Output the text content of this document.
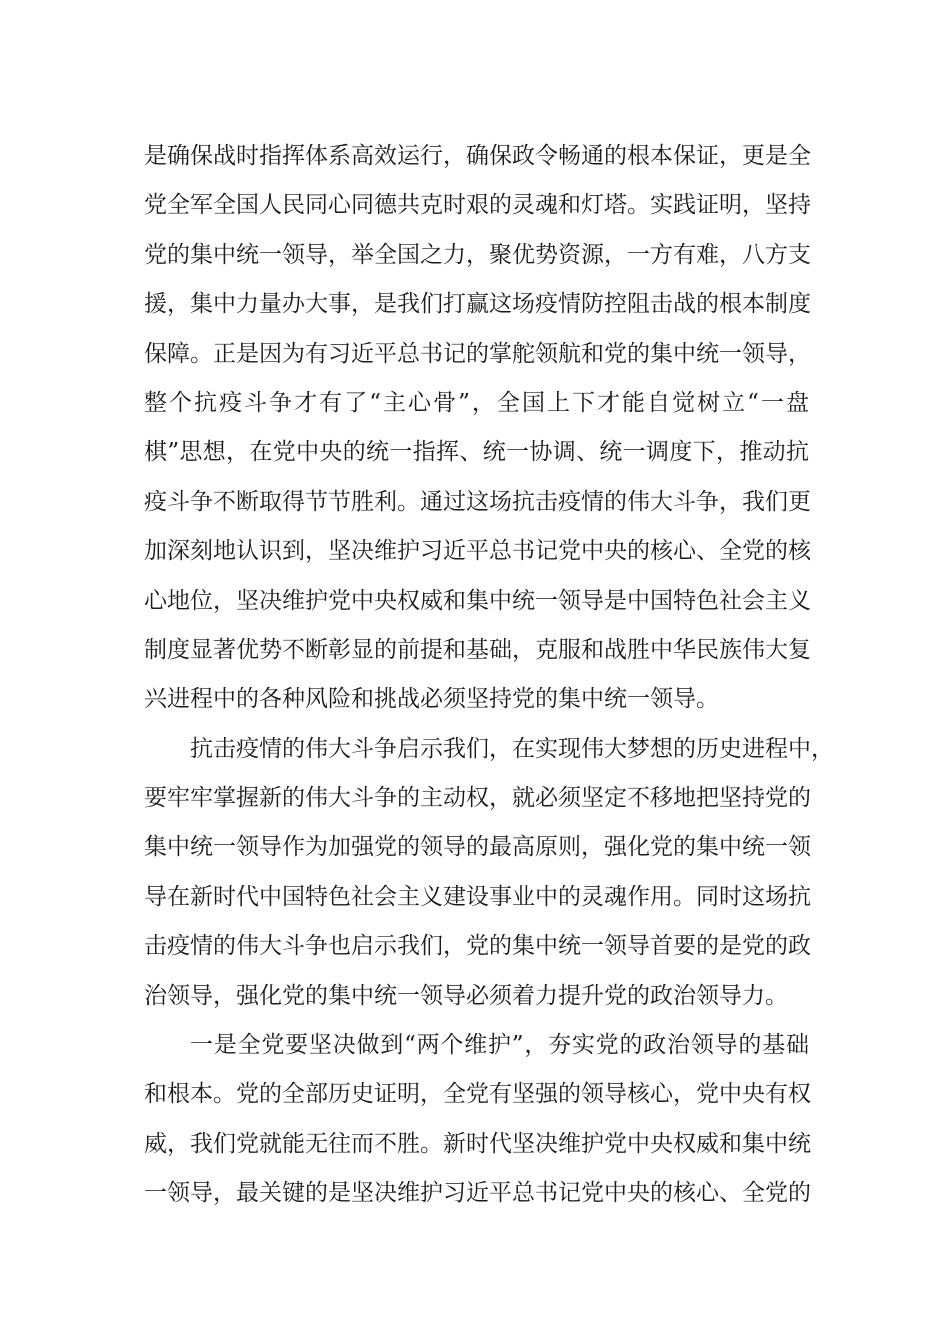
是确保战时指挥体系高效运行，确保政令畅通的根本保证，更是全
党全军全国人民同心同德共克时艰的灵魂和灯塔。实践证明，坚持
党的集中统一领导，举全国之力，聚优势资源，一方有难，八方支
援，集中力量办大事，是我们打赢这场疫情防控阻击战的根本制度
保障。正是因为有习近平总书记的掌舵领航和党的集中统一领导，
整个抗疫斗争才有了“主心骨”，全国上下才能自觉树立“一盘
棋”思想，在党中央的统一指挥、统一协调、统一调度下，推动抗
疫斗争不断取得节节胜利。通过这场抗击疫情的伟大斗争，我们更
加深刻地认识到，坚决维护习近平总书记党中央的核心、全党的核
心地位，坚决维护党中央权威和集中统一领导是中国特色社会主义
制度显著优势不断彰显的前提和基础，克服和战胜中华民族伟大复
兴进程中的各种风险和挑战必须坚持党的集中统一领导。
抗击疫情的伟大斗争启示我们，在实现伟大梦想的历史进程中，
要牢牢掌握新的伟大斗争的主动权，就必须坚定不移地把坚持党的
集中统一领导作为加强党的领导的最高原则，强化党的集中统一领
导在新时代中国特色社会主义建设事业中的灵魂作用。同时这场抗
击疫情的伟大斗争也启示我们，党的集中统一领导首要的是党的政
治领导，强化党的集中统一领导必须着力提升党的政治领导力。
一是全党要坚决做到“两个维护”，夯实党的政治领导的基础
和根本。党的全部历史证明，全党有坚强的领导核心，党中央有权
威，我们党就能无往而不胜。新时代坚决维护党中央权威和集中统
一领导，最关键的是坚决维护习近平总书记党中央的核心、全党的
